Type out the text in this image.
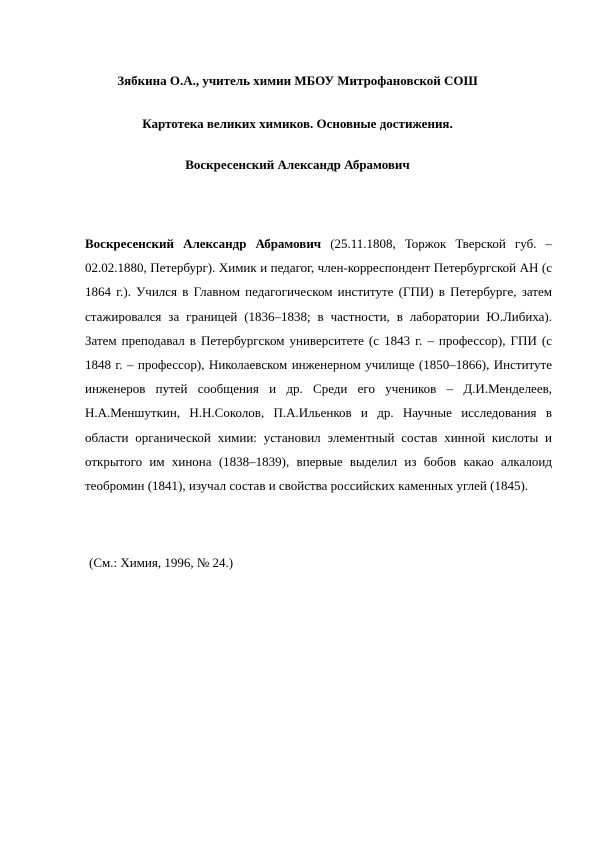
Зябкина О.А., учитель химии МБОУ Митрофановской СОШ
Картотека великих химиков. Основные достижения.
Воскресенский Александр Абрамович
Воскресенский Александр Абрамович (25.11.1808, Торжок Тверской губ. – 02.02.1880, Петербург). Химик и педагог, член-корреспондент Петербургской АН (с 1864 г.). Учился в Главном педагогическом институте (ГПИ) в Петербурге, затем стажировался за границей (1836–1838; в частности, в лаборатории Ю.Либиха). Затем преподавал в Петербургском университете (с 1843 г. – профессор), ГПИ (с 1848 г. – профессор), Николаевском инженерном училище (1850–1866), Институте инженеров путей сообщения и др. Среди его учеников – Д.И.Менделеев, Н.А.Меншуткин, Н.Н.Соколов, П.А.Ильенков и др. Научные исследования в области органической химии: установил элементный состав хинной кислоты и открытого им хинона (1838–1839), впервые выделил из бобов какао алкалоид теобромин (1841), изучал состав и свойства российских каменных углей (1845).
(См.: Химия, 1996, № 24.)
